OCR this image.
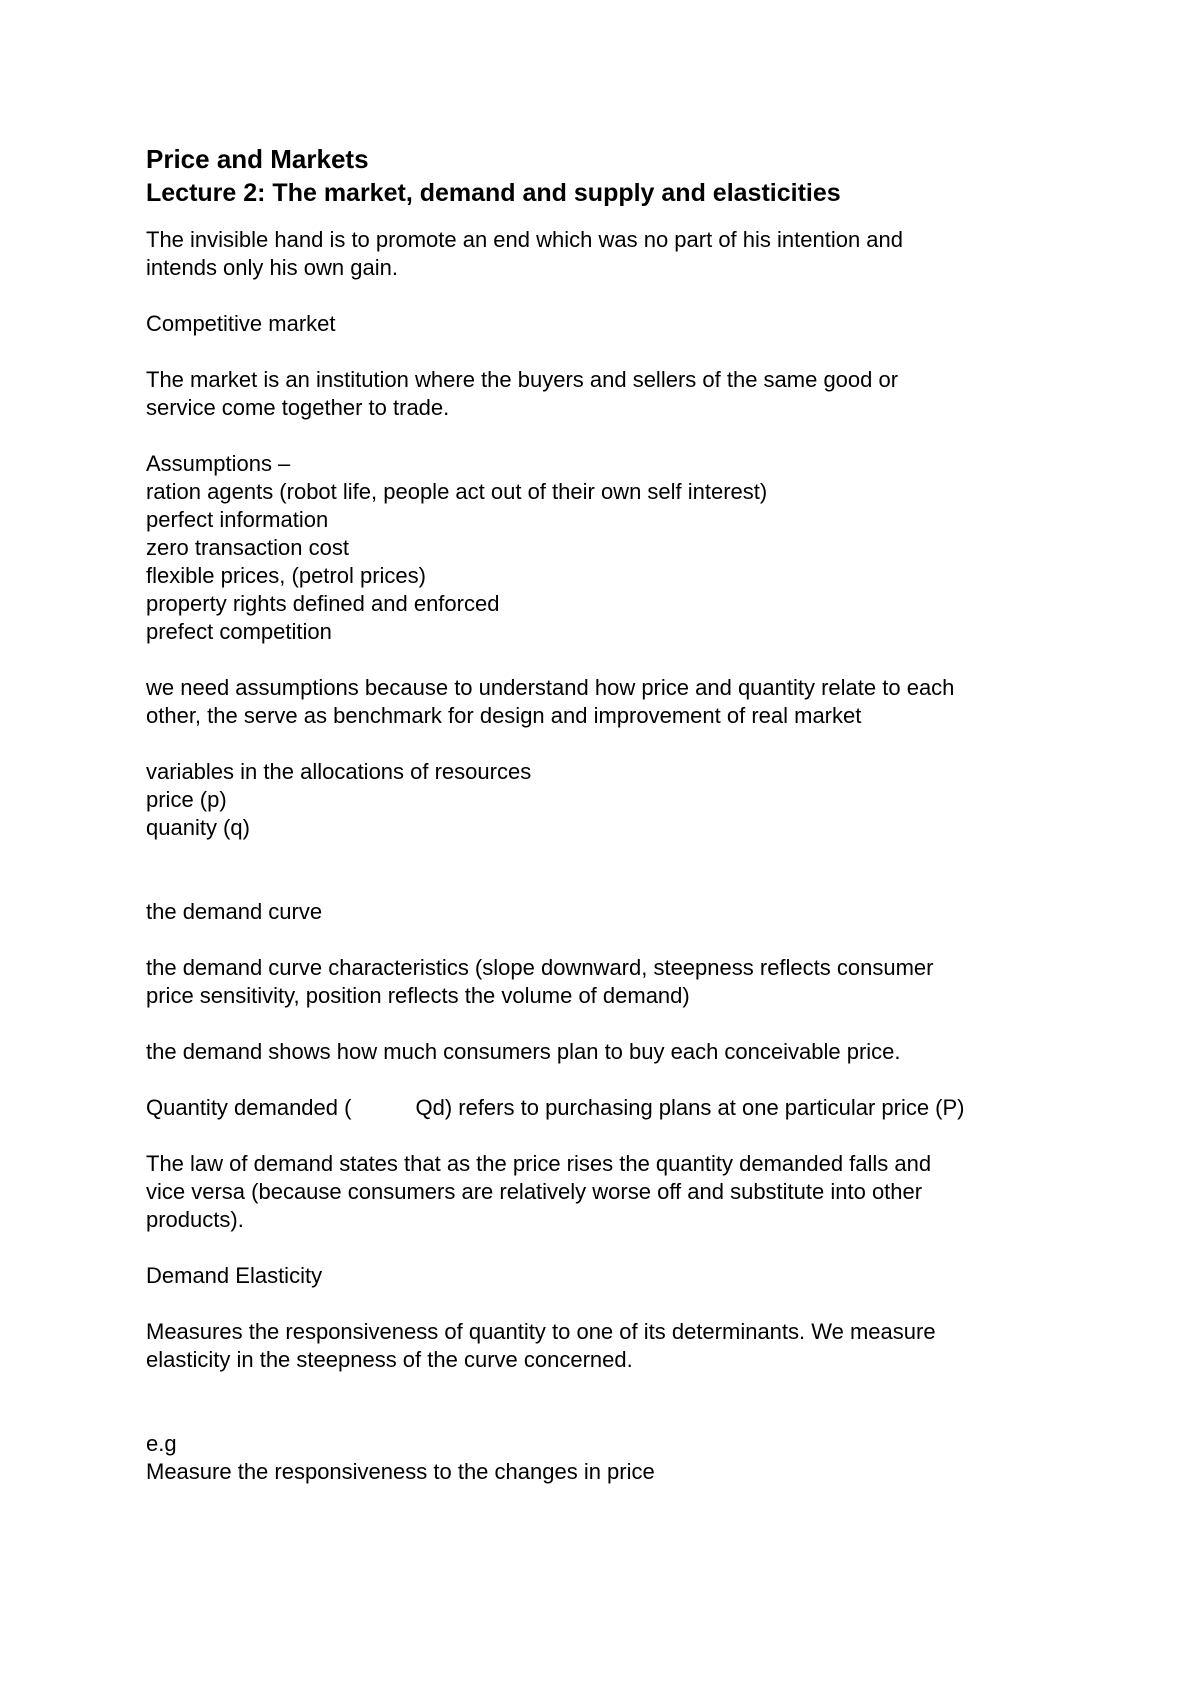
Price and Markets
Lecture 2: The market, demand and supply and elasticities

The invisible hand is to promote an end which was no part of his intention and

intends only his own gain.

Competitive market

The market is an institution where the buyers and sellers of the same good or

service come together to trade.

Assumptions –

ration agents (robot life, people act out of their own self interest)

perfect information

zero transaction cost

flexible prices, (petrol prices)

property rights defined and enforced

prefect competition

we need assumptions because to understand how price and quantity relate to each

other, the serve as benchmark for design and improvement of real market

variables in the allocations of resources

price (p)

quanity (q)

the demand curve

the demand curve characteristics (slope downward, steepness reflects consumer

price sensitivity, position reflects the volume of demand)

the demand shows how much consumers plan to buy each conceivable price.

Quantity demanded (	Qd) refers to purchasing plans at one particular price (P)

The law of demand states that as the price rises the quantity demanded falls and

vice versa (because consumers are relatively worse off and substitute into other

products).

Demand Elasticity

Measures the responsiveness of quantity to one of its determinants. We measure

elasticity in the steepness of the curve concerned.

e.g

Measure the responsiveness to the changes in price
